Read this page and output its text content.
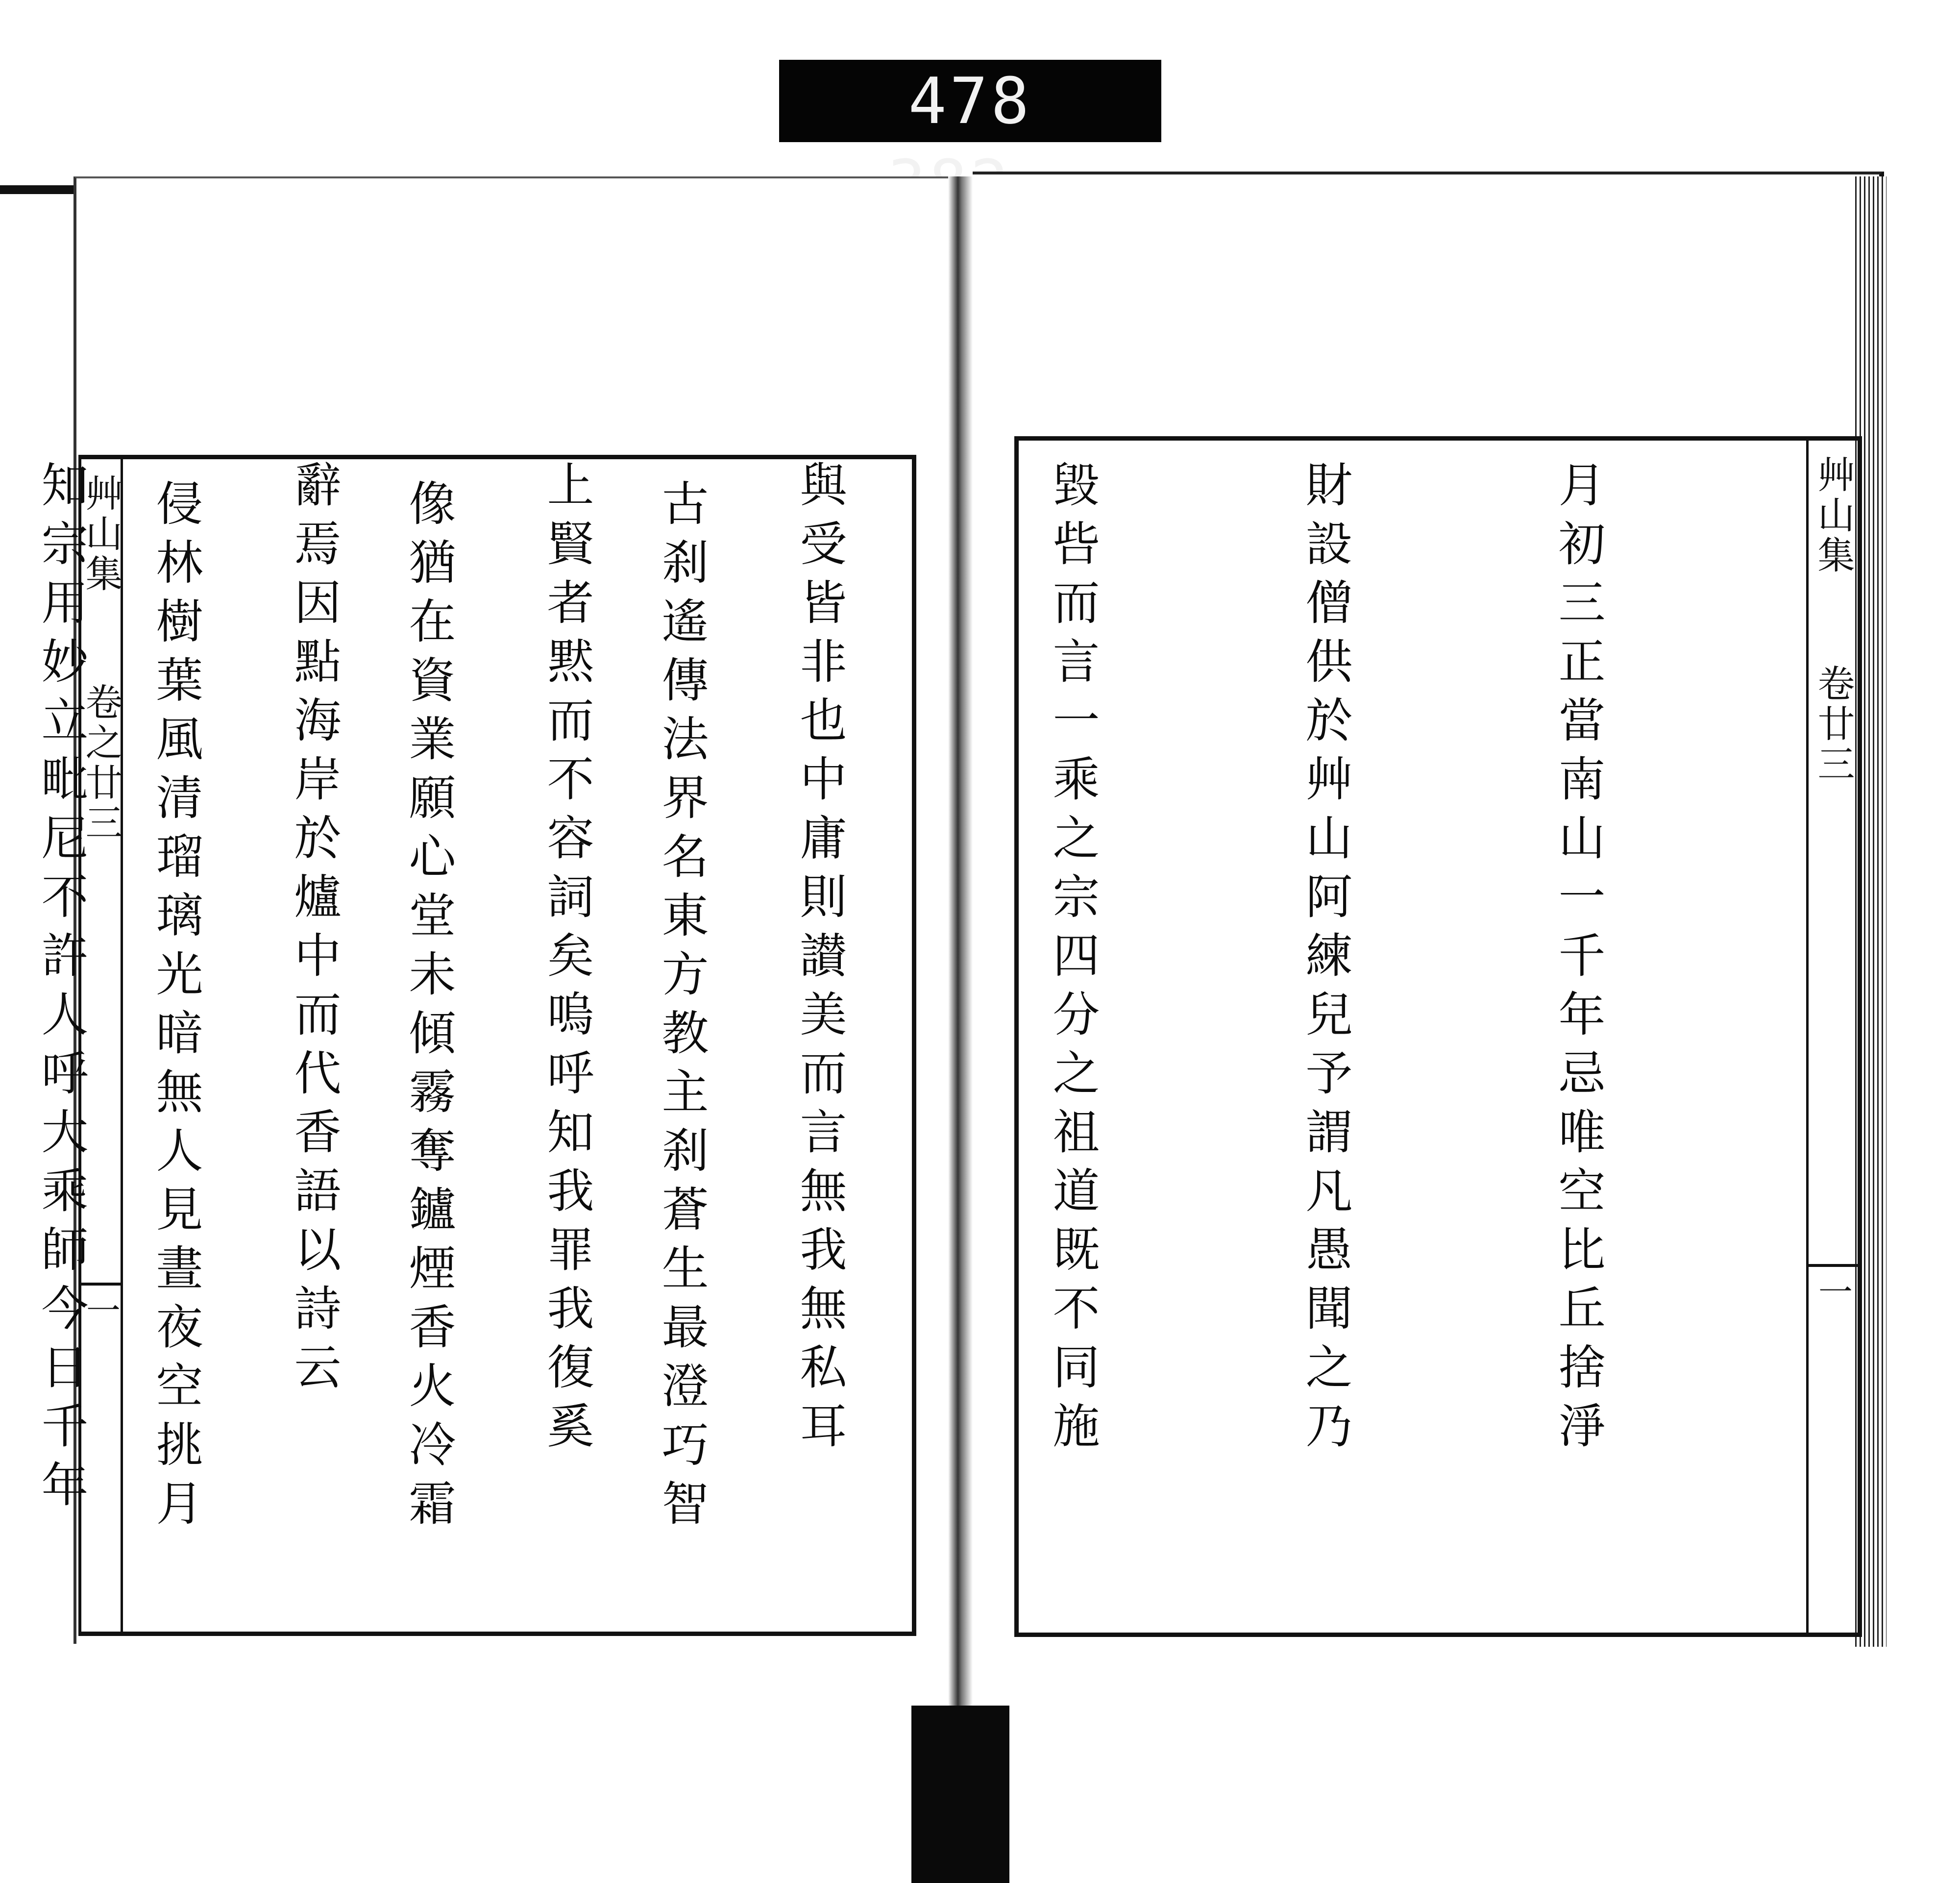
478
艸山集  卷之廿三
一

	古刹遙傳法界名東方教主刹蒼生最澄巧智

像猶在資業願心堂未傾霧奪鑪煙香火冷霜

侵林樹葉風清瑠璃光暗無人見晝夜空挑月

	艸山集  卷廿三
一

月初三正當南山一千年忌唯空比丘捨淨

財設僧供於艸山阿練兒予謂凡愚聞之乃

毀呰而言一乘之宗四分之祖道既不同施

與受皆非也中庸則讃美而言無我無私耳

上賢者黙而不容詞矣嗚呼知我罪我復奚

辭焉因點海岸於爐中而代香語以詩云

知宗用妙立毗尼不許人呼大乘師今日千年
